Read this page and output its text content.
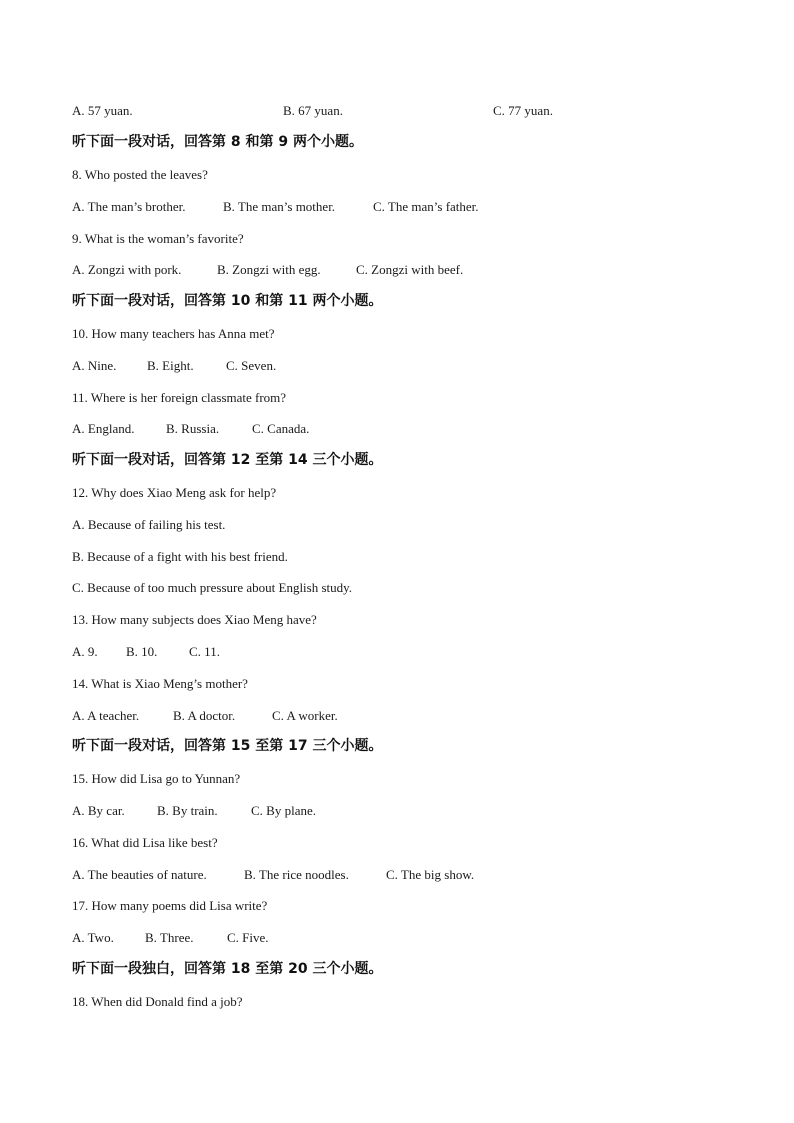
A. 57 yuan.	B. 67 yuan.	C. 77 yuan.
听下面一段对话，回答第 8 和第 9 两个小题。
8. Who posted the leaves?
A. The man’s brother.	B. The man’s mother.	C. The man’s father.
9. What is the woman’s favorite?
A. Zongzi with pork.	B. Zongzi with egg.	C. Zongzi with beef.
听下面一段对话，回答第 10 和第 11 两个小题。
10. How many teachers has Anna met?
A. Nine. B. Eight. C. Seven.
11. Where is her foreign classmate from?
A. England. B. Russia.	C. Canada.
听下面一段对话，回答第 12 至第 14 三个小题。
12. Why does Xiao Meng ask for help?
A. Because of failing his test.
B. Because of a fight with his best friend.
C. Because of too much pressure about English study.
13. How many subjects does Xiao Meng have?
A. 9. B. 10. C. 11.
14. What is Xiao Meng’s mother?
A. A teacher.	B. A doctor.	C. A worker.
听下面一段对话，回答第 15 至第 17 三个小题。
15. How did Lisa go to Yunnan?
A. By car. B. By train.	C. By plane.
16. What did Lisa like best?
A. The beauties of nature.	B. The rice noodles.	C. The big show.
17. How many poems did Lisa write?
A. Two. B. Three.	C. Five.
听下面一段独白，回答第 18 至第 20 三个小题。
18. When did Donald find a job?
